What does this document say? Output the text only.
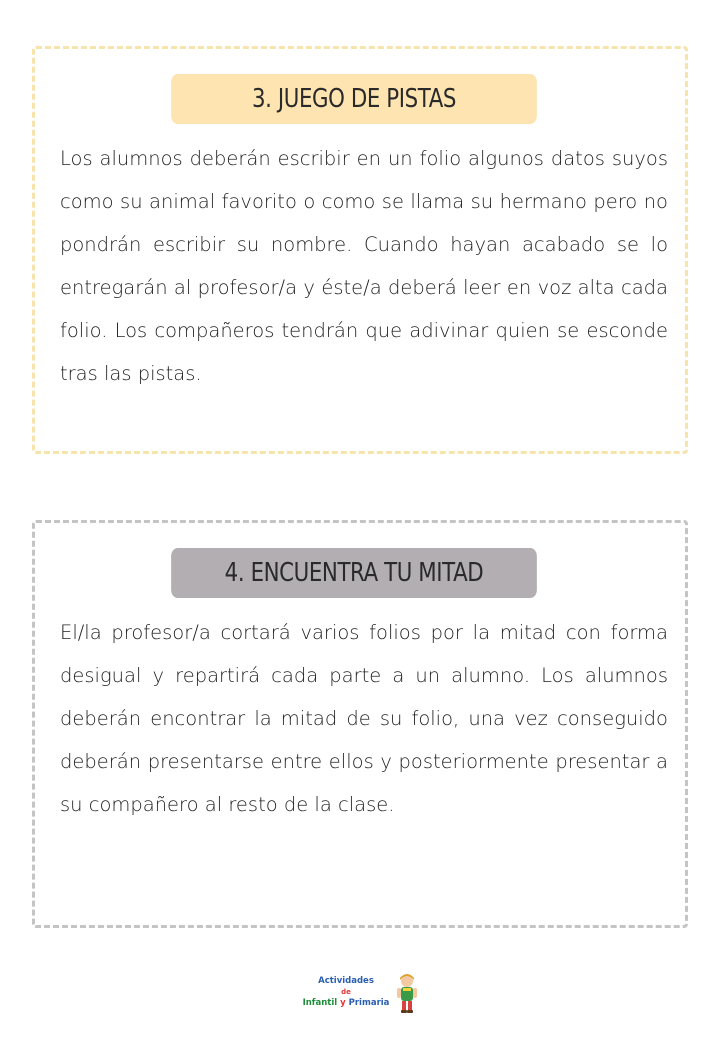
3. JUEGO DE PISTAS
Los alumnos deberán escribir en un folio algunos datos suyos como su animal favorito o como se llama su hermano pero no pondrán escribir su nombre. Cuando hayan acabado se lo entregarán al profesor/a y éste/a deberá leer en voz alta cada folio. Los compañeros tendrán que adivinar quien se esconde tras las pistas.
4. ENCUENTRA TU MITAD
El/la profesor/a cortará varios folios por la mitad con forma desigual y repartirá cada parte a un alumno. Los alumnos deberán encontrar la mitad de su folio, una vez conseguido deberán presentarse entre ellos y posteriormente presentar a su compañero al resto de la clase.
Actividades
de
Infantil y Primaria
